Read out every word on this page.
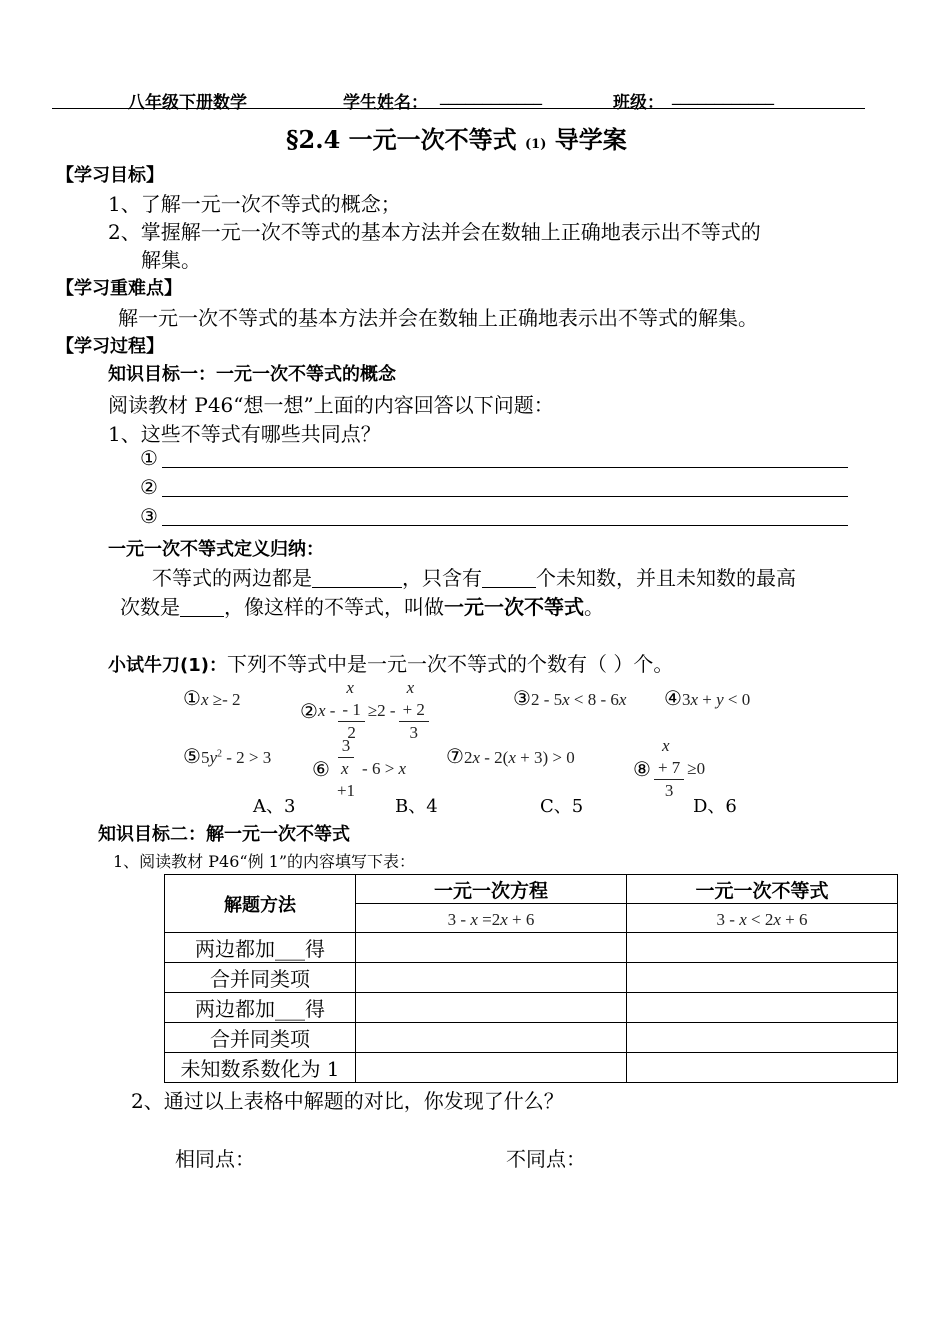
八年级下册数学	学生姓名： ____________	班级： ____________
§2.4 一元一次不等式 (1) 导学案
【学习目标】
1、了解一元一次不等式的概念；
2、掌握解一元一次不等式的基本方法并会在数轴上正确地表示出不等式的
解集。
【学习重难点】
解一元一次不等式的基本方法并会在数轴上正确地表示出不等式的解集。
【学习过程】
知识目标一：一元一次不等式的概念
阅读教材 P46“想一想”上面的内容回答以下问题：
1、这些不等式有哪些共同点？
①
②
③
一元一次不等式定义归纳：
不等式的两边都是	，只含有	个未知数，并且未知数的最高
次数是 ，像这样的不等式，叫做一元一次不等式。
小试牛刀(1)：下列不等式中是一元一次不等式的个数有（ ）个。
①x ≥- 2	② x - x
- 1
2 ≥2 - x
+ 2
3	③2 - 5x < 8 - 6x ④3x + y < 0
$⑤5y^2 - 2 > 3$ ⑥ 3
x
+1 - 6 > x ⑦2x - 2(x + 3) > 0	⑧ x
+ 7
3 ≥0
A、3	B、4	C、5	D、6
知识目标二：解一元一次不等式
1、阅读教材 P46“例 1”的内容填写下表：
解题方法	一元一次方程	一元一次不等式
	3 - x =2x + 6	3 - x < 2x + 6
两边都加___得		
合并同类项		
两边都加___得		
合并同类项		
未知数系数化为 1		
2、通过以上表格中解题的对比，你发现了什么？
相同点：	不同点：
